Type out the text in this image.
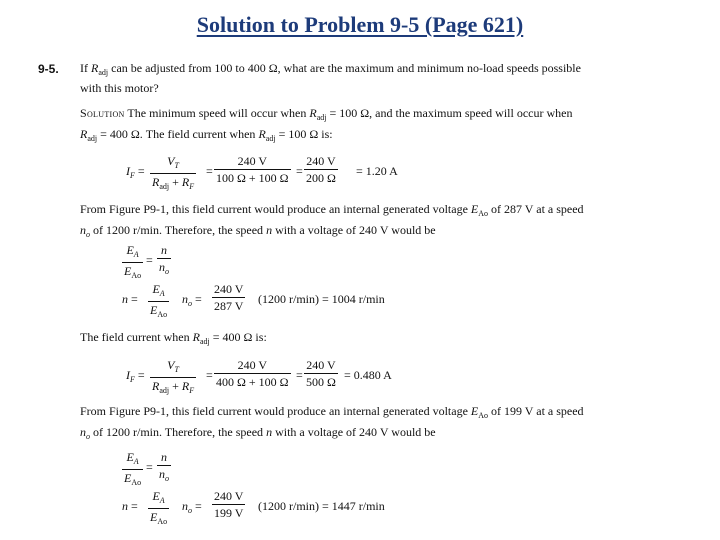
Solution to Problem 9-5 (Page 621)
9-5. If $R_{adj}$ can be adjusted from 100 to 400 Ω, what are the maximum and minimum no-load speeds possible
with this motor?
Solution The minimum speed will occur when $R_{adj} = 100$ Ω, and the maximum speed will occur when
$R_{adj} = 400$ Ω. The field current when $R_{adj} = 100$ Ω is:
$I_F$ =
$V_T$
$R_{adj} + R_F$
=
240 V
100 Ω + 100 Ω =
240 V
200 Ω = 1.20 A
From Figure P9-1, this field current would produce an internal generated voltage $E_{Ao}$ of 287 V at a speed
$n_o$ of 1200 r/min. Therefore, the speed n with a voltage of 240 V would be
$E_A$
$E_{Ao}$
=
n
$n_o$
n =
$E_A$
$E_{Ao}$
$n_o$ =
240 V
287 V (1200 r/min) = 1004 r/min
The field current when $R_{adj} = 400$ Ω is:
$I_F$ =
$V_T$
$R_{adj} + R_F$
=
240 V
400 Ω + 100 Ω =
240 V
500 Ω = 0.480 A
From Figure P9-1, this field current would produce an internal generated voltage $E_{Ao}$ of 199 V at a speed
$n_o$ of 1200 r/min. Therefore, the speed n with a voltage of 240 V would be
$E_A$
$E_{Ao}$
=
n
$n_o$
n =
$E_A$
$E_{Ao}$
$n_o$ =
240 V
199 V (1200 r/min) = 1447 r/min
